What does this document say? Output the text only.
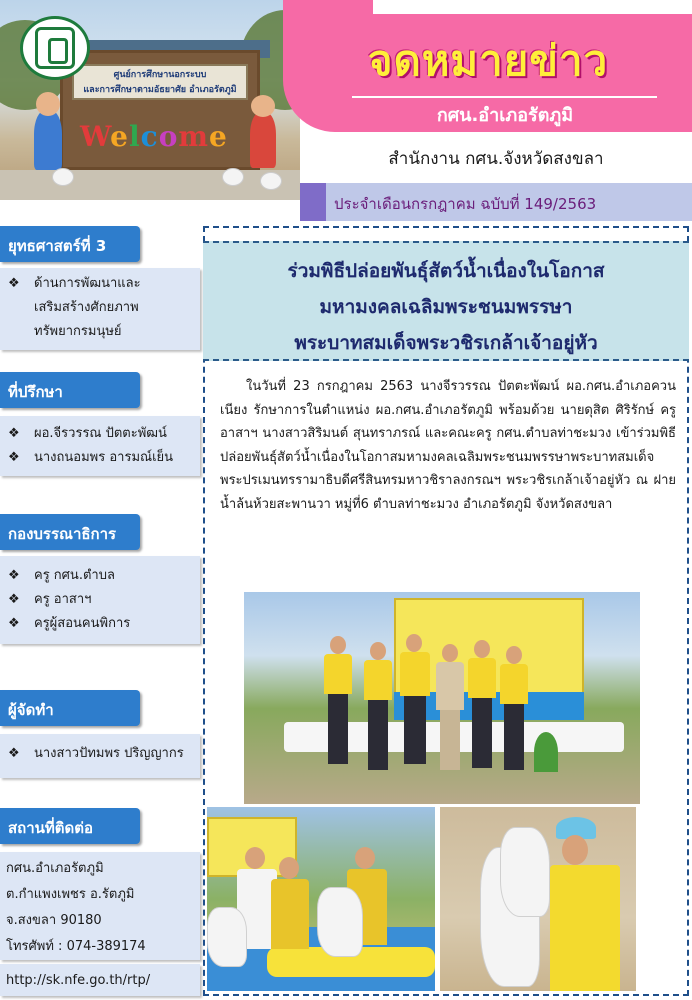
ศูนย์การศึกษานอกระบบ
และการศึกษาตามอัธยาศัย อำเภอรัตภูมิ
Welcome
จดหมายข่าว
กศน.อำเภอรัตภูมิ
สำนักงาน กศน.จังหวัดสงขลา
ประจำเดือนกรกฎาคม ฉบับที่ 149/2563
ยุทธศาสตร์ที่ 3
❖ ด้านการพัฒนาและ
เสริมสร้างศักยภาพ
ทรัพยากรมนุษย์
ที่ปรึกษา
❖ ผอ.จีรวรรณ ปัตตะพัฒน์
❖ นางถนอมพร อารมณ์เย็น
กองบรรณาธิการ
❖ ครู กศน.ตำบล
❖ ครู อาสาฯ
❖ ครูผู้สอนคนพิการ
ผู้จัดทำ
❖ นางสาวปัทมพร ปริญญากร
สถานที่ติดต่อ
กศน.อำเภอรัตภูมิ
ต.กำแพงเพชร อ.รัตภูมิ
จ.สงขลา 90180
โทรศัพท์ : 074-389174
http://sk.nfe.go.th/rtp/
ร่วมพิธีปล่อยพันธุ์สัตว์น้ำเนื่องในโอกาส
มหามงคลเฉลิมพระชนมพรรษา
พระบาทสมเด็จพระวชิรเกล้าเจ้าอยู่หัว
ในวันที่ 23 กรกฎาคม 2563 นางจีรวรรณ ปัตตะพัฒน์ ผอ.กศน.อำเภอควนเนียง รักษาการในตำแหน่ง ผอ.กศน.อำเภอรัตภูมิ พร้อมด้วย นายดุสิต ศิริรักษ์ ครู อาสาฯ นางสาวสิริมนต์ สุนทราภรณ์ และคณะครู กศน.ตำบลท่าชะมวง เข้าร่วมพิธีปล่อยพันธุ์สัตว์น้ำเนื่องในโอกาสมหามงคลเฉลิมพระชนมพรรษาพระบาทสมเด็จพระปรเมนทรรามาธิบดีศรีสินทรมหาวชิราลงกรณฯ พระวชิรเกล้าเจ้าอยู่หัว ณ ฝายน้ำล้นห้วยสะพานวา หมู่ที่6 ตำบลท่าชะมวง อำเภอรัตภูมิ จังหวัดสงขลา
